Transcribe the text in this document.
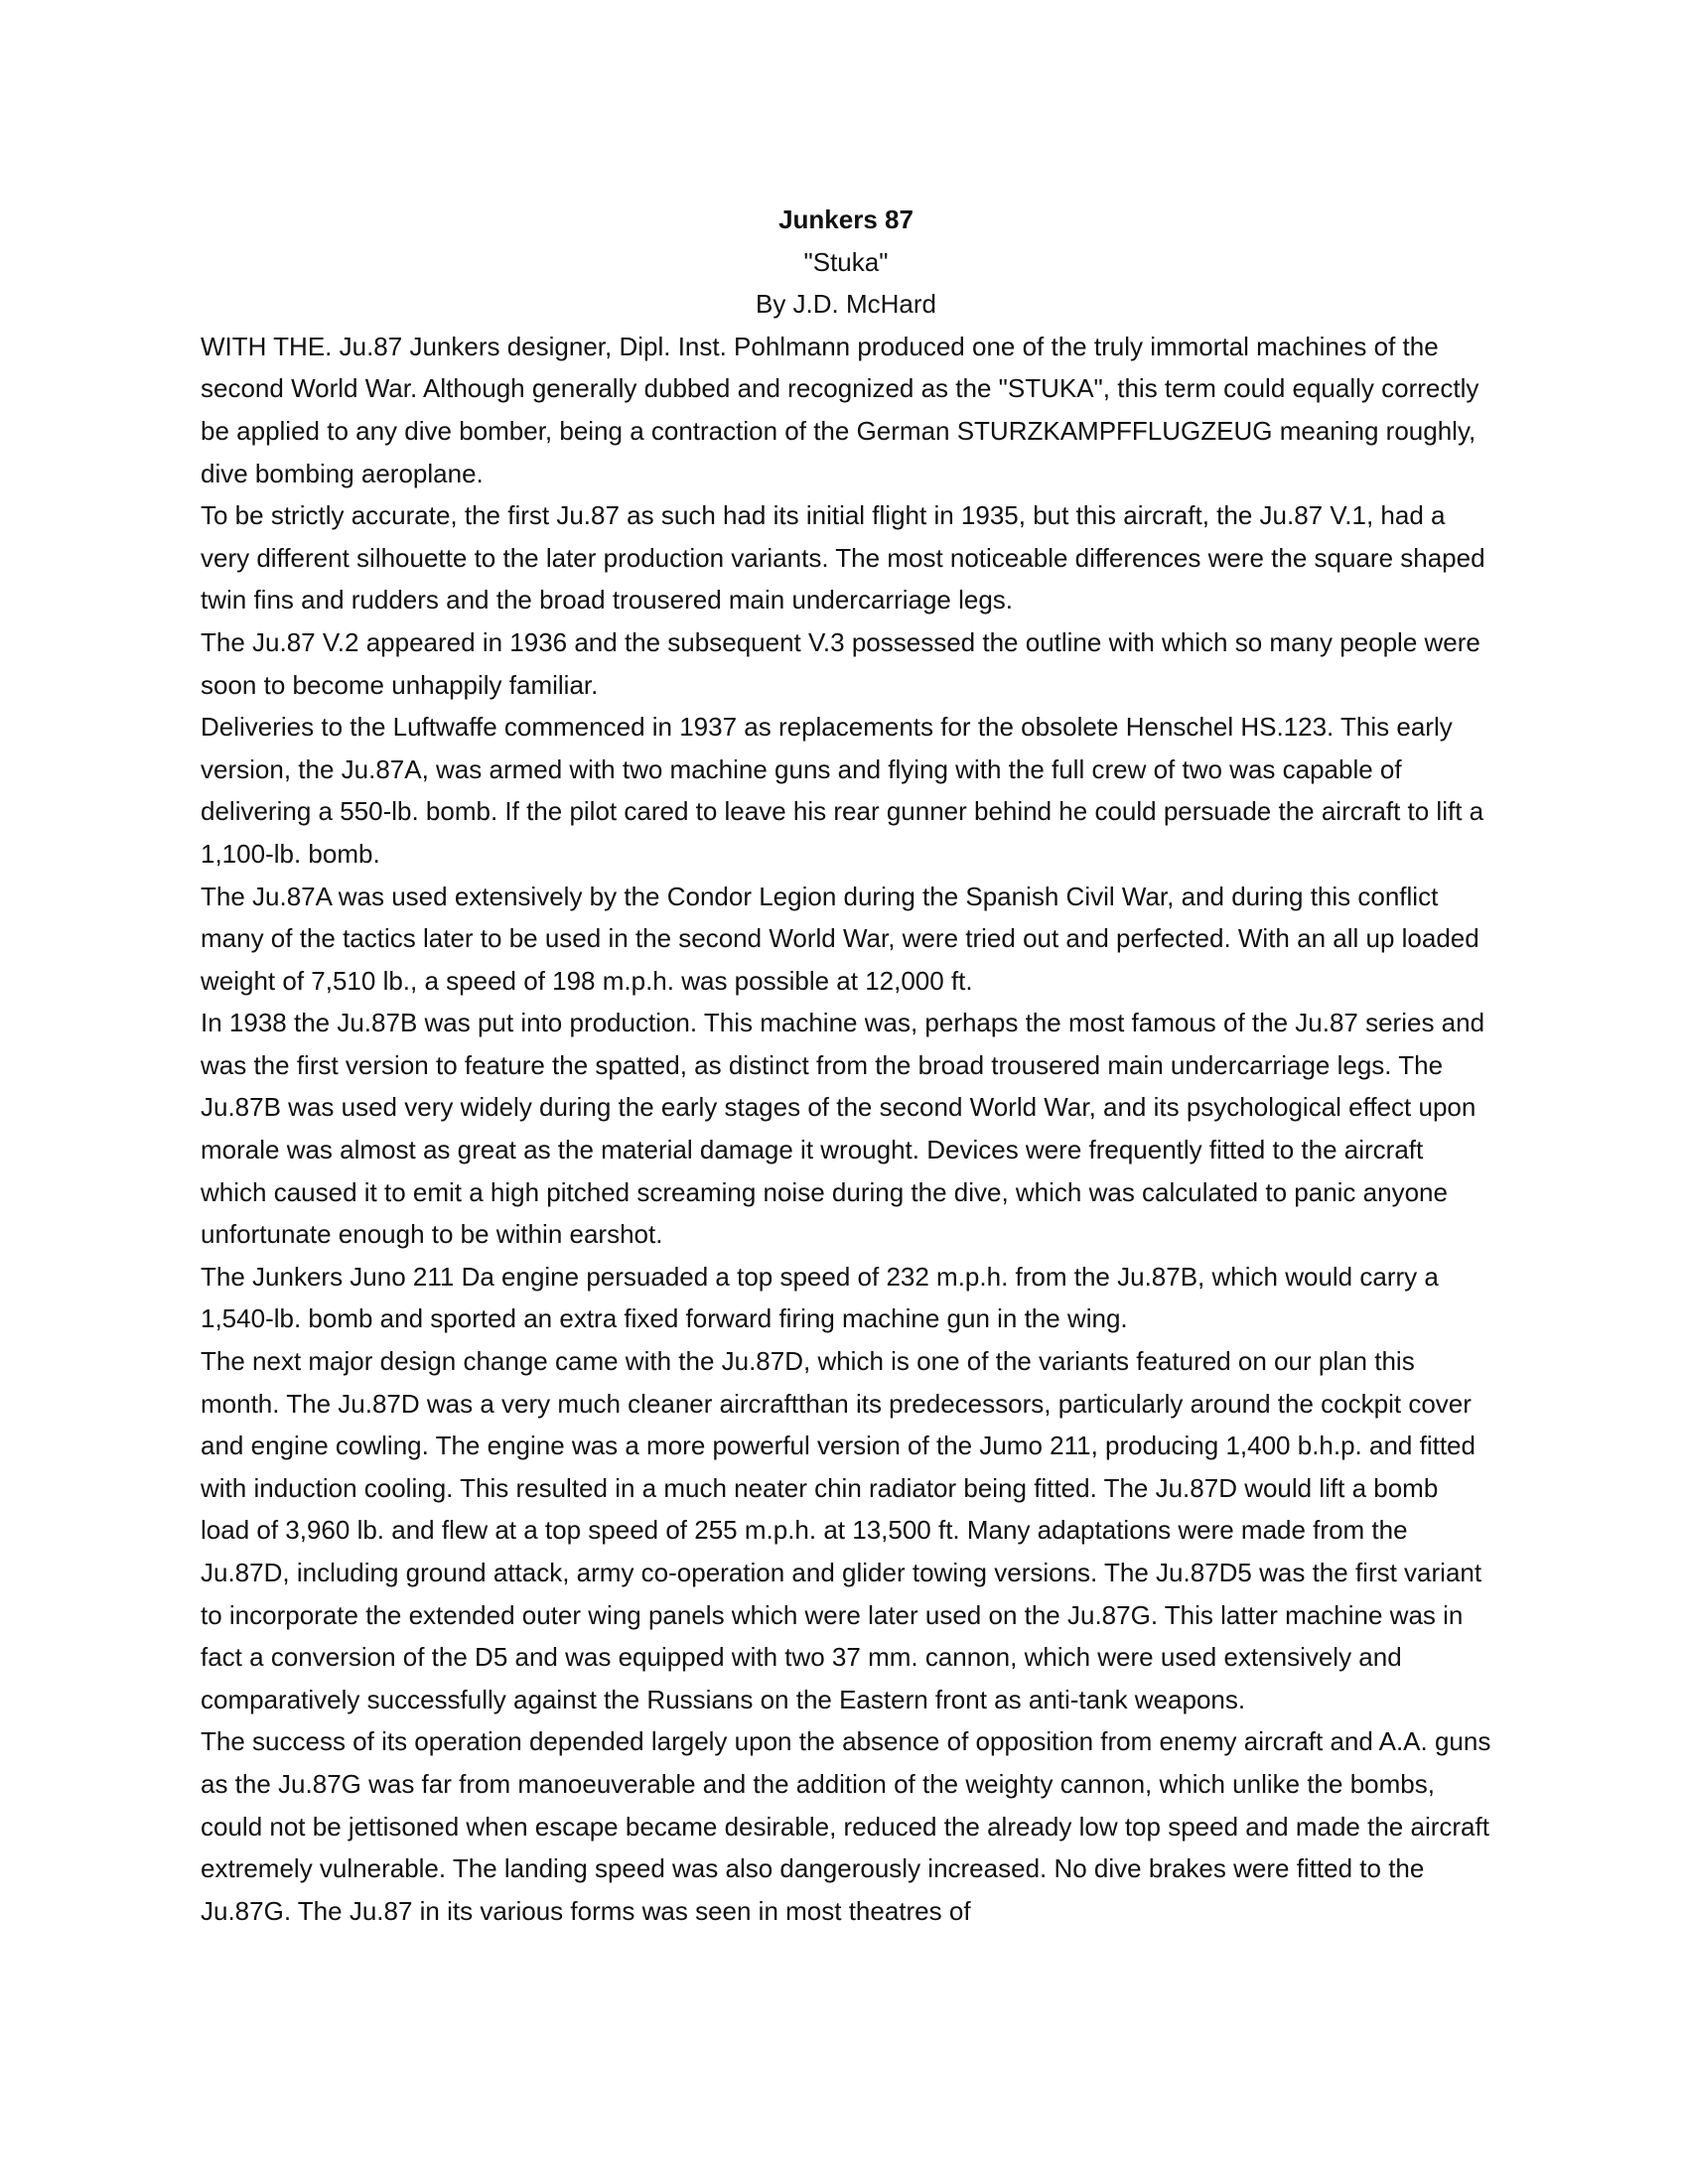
Junkers 87

"Stuka"

By J.D. McHard

WITH THE. Ju.87 Junkers designer, Dipl. Inst. Pohlmann produced one of the truly immortal machines of the second World War. Although generally dubbed and recognized as the "STUKA", this term could equally correctly be applied to any dive bomber, being a contraction of the German STURZKAMPFFLUGZEUG meaning roughly, dive bombing aeroplane.

To be strictly accurate, the first Ju.87 as such had its initial flight in 1935, but this aircraft, the Ju.87 V.1, had a very different silhouette to the later production variants. The most noticeable differences were the square shaped twin fins and rudders and the broad trousered main undercarriage legs.

The Ju.87 V.2 appeared in 1936 and the subsequent V.3 possessed the outline with which so many people were soon to become unhappily familiar.

Deliveries to the Luftwaffe commenced in 1937 as replacements for the obsolete Henschel HS.123. This early version, the Ju.87A, was armed with two machine guns and flying with the full crew of two was capable of delivering a 550-lb. bomb. If the pilot cared to leave his rear gunner behind he could persuade the aircraft to lift a 1,100-lb. bomb.

The Ju.87A was used extensively by the Condor Legion during the Spanish Civil War, and during this conflict many of the tactics later to be used in the second World War, were tried out and perfected. With an all up loaded weight of 7,510 lb., a speed of 198 m.p.h. was possible at 12,000 ft.

In 1938 the Ju.87B was put into production. This machine was, perhaps the most famous of the Ju.87 series and was the first version to feature the spatted, as distinct from the broad trousered main undercarriage legs. The Ju.87B was used very widely during the early stages of the second World War, and its psychological effect upon morale was almost as great as the material damage it wrought. Devices were frequently fitted to the aircraft which caused it to emit a high pitched screaming noise during the dive, which was calculated to panic anyone unfortunate enough to be within earshot.

The Junkers Juno 211 Da engine persuaded a top speed of 232 m.p.h. from the Ju.87B, which would carry a 1,540-lb. bomb and sported an extra fixed forward firing machine gun in the wing.

The next major design change came with the Ju.87D, which is one of the variants featured on our plan this month. The Ju.87D was a very much cleaner aircraftthan its predecessors, particularly around the cockpit cover and engine cowling. The engine was a more powerful version of the Jumo 211, producing 1,400 b.h.p. and fitted with induction cooling. This resulted in a much neater chin radiator being fitted. The Ju.87D would lift a bomb load of 3,960 lb. and flew at a top speed of 255 m.p.h. at 13,500 ft. Many adaptations were made from the Ju.87D, including ground attack, army co-operation and glider towing versions. The Ju.87D5 was the first variant to incorporate the extended outer wing panels which were later used on the Ju.87G. This latter machine was in fact a conversion of the D5 and was equipped with two 37 mm. cannon, which were used extensively and comparatively successfully against the Russians on the Eastern front as anti-tank weapons.

The success of its operation depended largely upon the absence of opposition from enemy aircraft and A.A. guns as the Ju.87G was far from manoeuverable and the addition of the weighty cannon, which unlike the bombs, could not be jettisoned when escape became desirable, reduced the already low top speed and made the aircraft extremely vulnerable. The landing speed was also dangerously increased. No dive brakes were fitted to the Ju.87G. The Ju.87 in its various forms was seen in most theatres of
